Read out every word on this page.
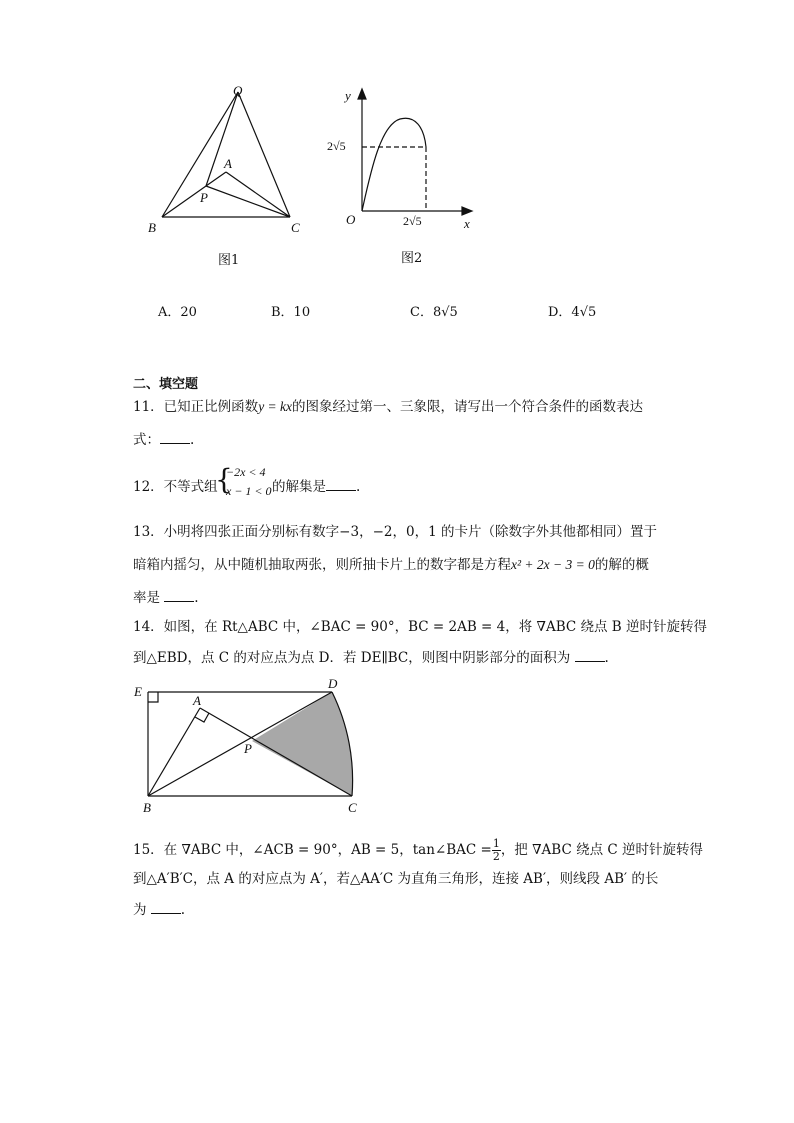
Q
A
P
B	C
图1
y
x
O
2√5
2√5
图2
A．20	B．10	C．8√5	D．4√5
二、填空题
11．已知正比例函数y = kx的图象经过第一、三象限，请写出一个符合条件的函数表达
式： .
12．不等式组
{
−2x < 4
x − 1 < 0 的解集是 .
13．小明将四张正面分别标有数字−3，−2，0，1 的卡片（除数字外其他都相同）置于
暗箱内摇匀，从中随机抽取两张，则所抽卡片上的数字都是方程x² + 2x − 3 = 0的解的概
率是	.
14．如图，在 Rt△ABC 中，∠BAC = 90°，BC = 2AB = 4，将 ∇ABC 绕点 B 逆时针旋转得
到△EBD，点 C 的对应点为点 D．若 DE∥BC，则图中阴影部分的面积为	.
E
A
D
P
B	C
15．在 ∇ABC 中，∠ACB = 90°，AB = 5，tan∠BAC = $\frac{1}{2}$ ，把 ∇ABC 绕点 C 逆时针旋转得
到△A′B′C，点 A 的对应点为 A′，若△AA′C 为直角三角形，连接 AB′，则线段 AB′ 的长
为	.
